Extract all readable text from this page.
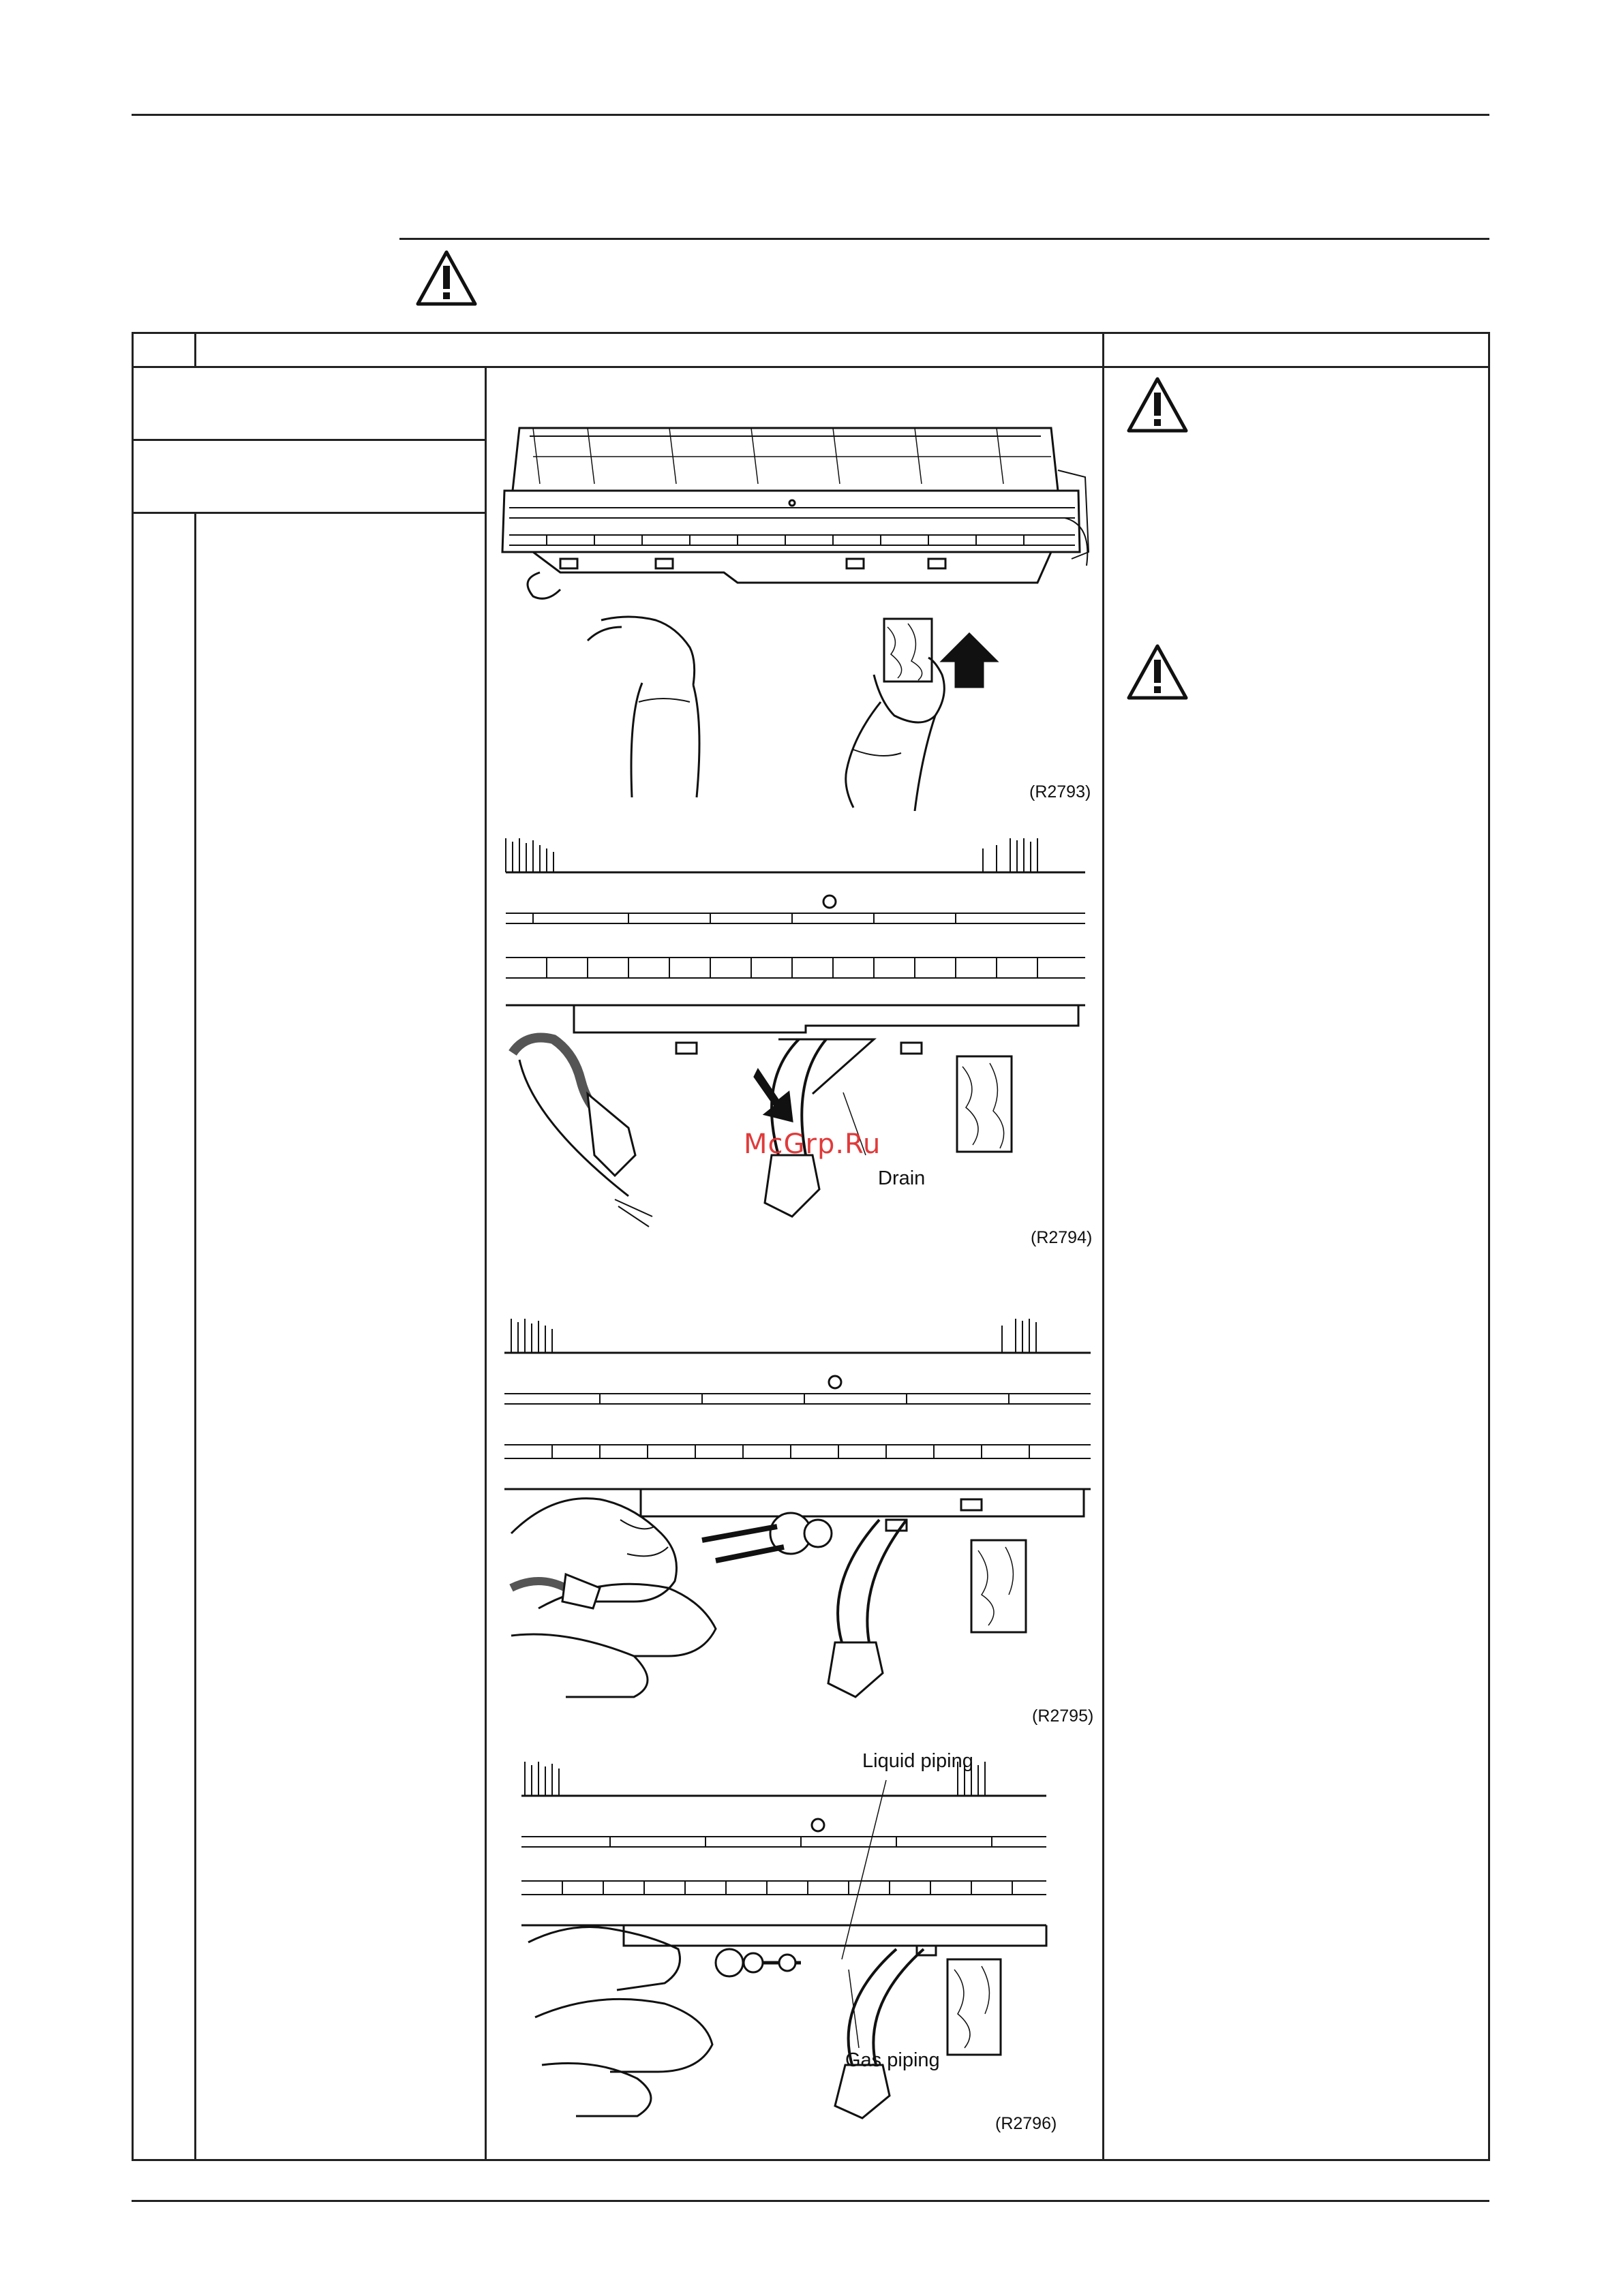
(R2793)
Drain
(R2794)
McGrp.Ru
(R2795)
Liquid piping
Gas piping
(R2796)
